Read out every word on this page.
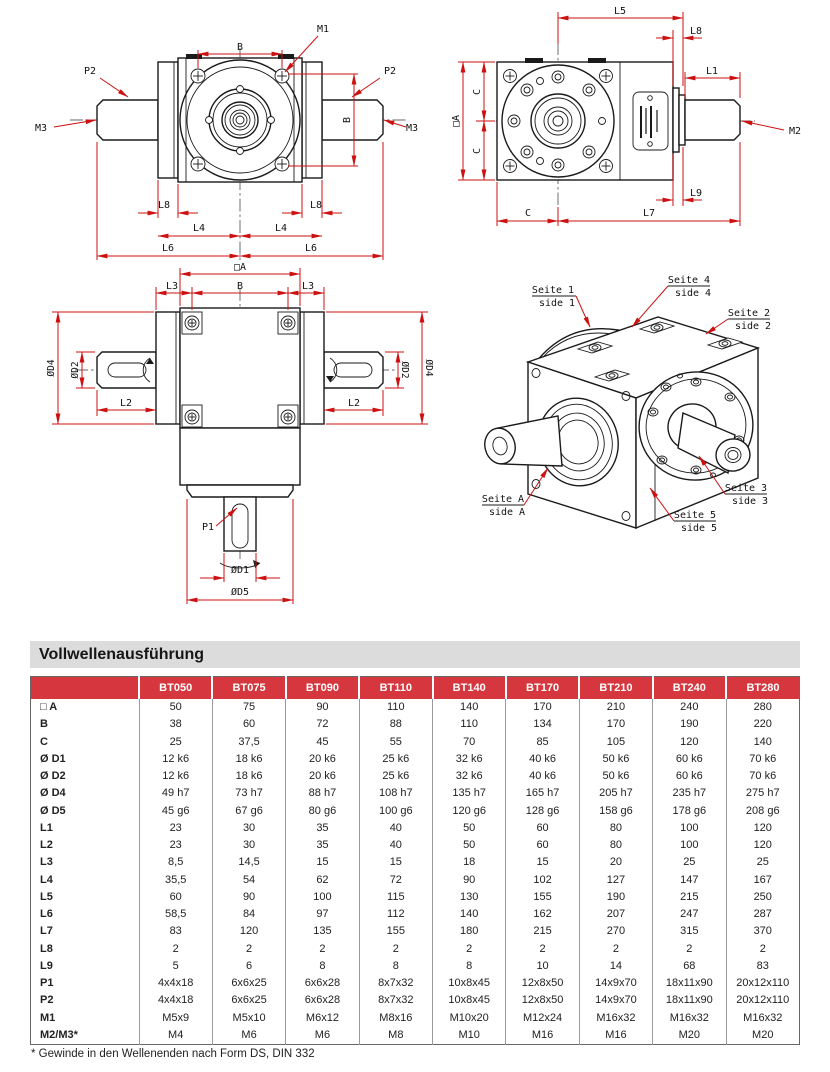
B
M1
P2	P2
M3	M3
B
L8	L8
L4	L4
L6	L6
L5
L8
L1
M2
□A
C
C
L9
C	L7
□A
B
L3	L3
ØD4 ØD2	ØD2 ØD4
L2	L2
P1
ØD1
ØD5
Seite 1
side 1
Seite 4
side 4
Seite 2
side 2
Seite A
side A
Seite 3
side 3
Seite 5
side 5
Vollwellenausführung
	BT050	BT075	BT090	BT110	BT140	BT170	BT210	BT240	BT280
□ A	50	75	90	110	140	170	210	240	280
B	38	60	72	88	110	134	170	190	220
C	25	37,5	45	55	70	85	105	120	140
Ø D1	12 k6	18 k6	20 k6	25 k6	32 k6	40 k6	50 k6	60 k6	70 k6
Ø D2	12 k6	18 k6	20 k6	25 k6	32 k6	40 k6	50 k6	60 k6	70 k6
Ø D4	49 h7	73 h7	88 h7	108 h7	135 h7	165 h7	205 h7	235 h7	275 h7
Ø D5	45 g6	67 g6	80 g6	100 g6	120 g6	128 g6	158 g6	178 g6	208 g6
L1	23	30	35	40	50	60	80	100	120
L2	23	30	35	40	50	60	80	100	120
L3	8,5	14,5	15	15	18	15	20	25	25
L4	35,5	54	62	72	90	102	127	147	167
L5	60	90	100	115	130	155	190	215	250
L6	58,5	84	97	112	140	162	207	247	287
L7	83	120	135	155	180	215	270	315	370
L8	2	2	2	2	2	2	2	2	2
L9	5	6	8	8	8	10	14	68	83
P1	4x4x18	6x6x25	6x6x28	8x7x32	10x8x45	12x8x50	14x9x70	18x11x90	20x12x110
P2	4x4x18	6x6x25	6x6x28	8x7x32	10x8x45	12x8x50	14x9x70	18x11x90	20x12x110
M1	M5x9	M5x10	M6x12	M8x16	M10x20	M12x24	M16x32	M16x32	M16x32
M2/M3*	M4	M6	M6	M8	M10	M16	M16	M20	M20
* Gewinde in den Wellenenden nach Form DS, DIN 332
